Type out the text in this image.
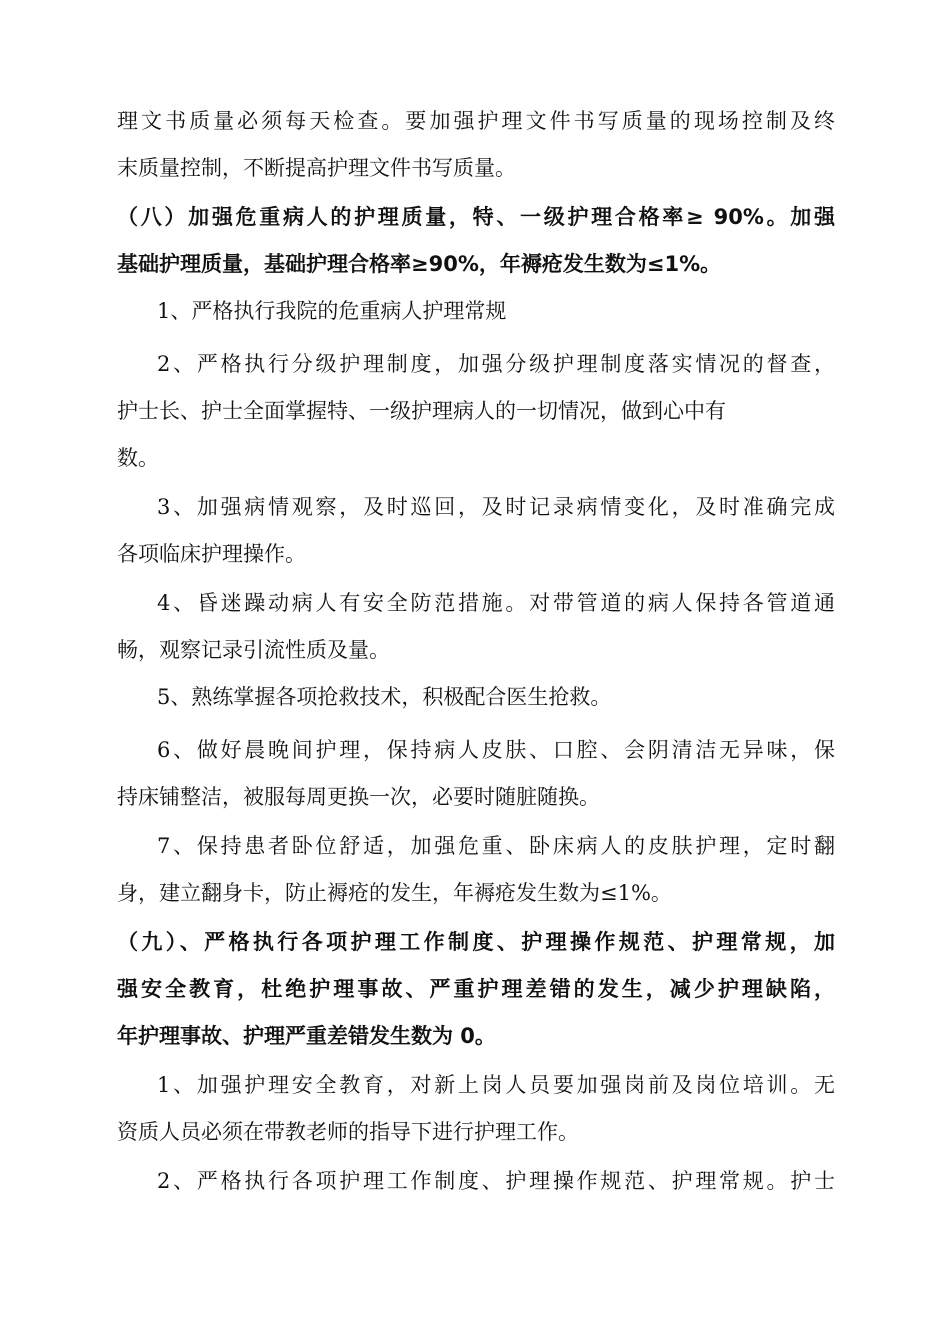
理文书质量必须每天检查。要加强护理文件书写质量的现场控制及终
末质量控制，不断提高护理文件书写质量。
（八）加强危重病人的护理质量，特、一级护理合格率≥ 90%。加强
基础护理质量，基础护理合格率≥90%，年褥疮发生数为≤1%。
1、严格执行我院的危重病人护理常规
2、严格执行分级护理制度，加强分级护理制度落实情况的督查，
护士长、护士全面掌握特、一级护理病人的一切情况，做到心中有
数。
3、加强病情观察，及时巡回，及时记录病情变化，及时准确完成
各项临床护理操作。
4、昏迷躁动病人有安全防范措施。对带管道的病人保持各管道通
畅，观察记录引流性质及量。
5、熟练掌握各项抢救技术，积极配合医生抢救。
6、做好晨晚间护理，保持病人皮肤、口腔、会阴清洁无异味，保
持床铺整洁，被服每周更换一次，必要时随脏随换。
7、保持患者卧位舒适，加强危重、卧床病人的皮肤护理，定时翻
身，建立翻身卡，防止褥疮的发生，年褥疮发生数为≤1%。
（九）、严格执行各项护理工作制度、护理操作规范、护理常规，加
强安全教育，杜绝护理事故、严重护理差错的发生，减少护理缺陷，
年护理事故、护理严重差错发生数为 0。
1、加强护理安全教育，对新上岗人员要加强岗前及岗位培训。无
资质人员必须在带教老师的指导下进行护理工作。
2、严格执行各项护理工作制度、护理操作规范、护理常规。护士
